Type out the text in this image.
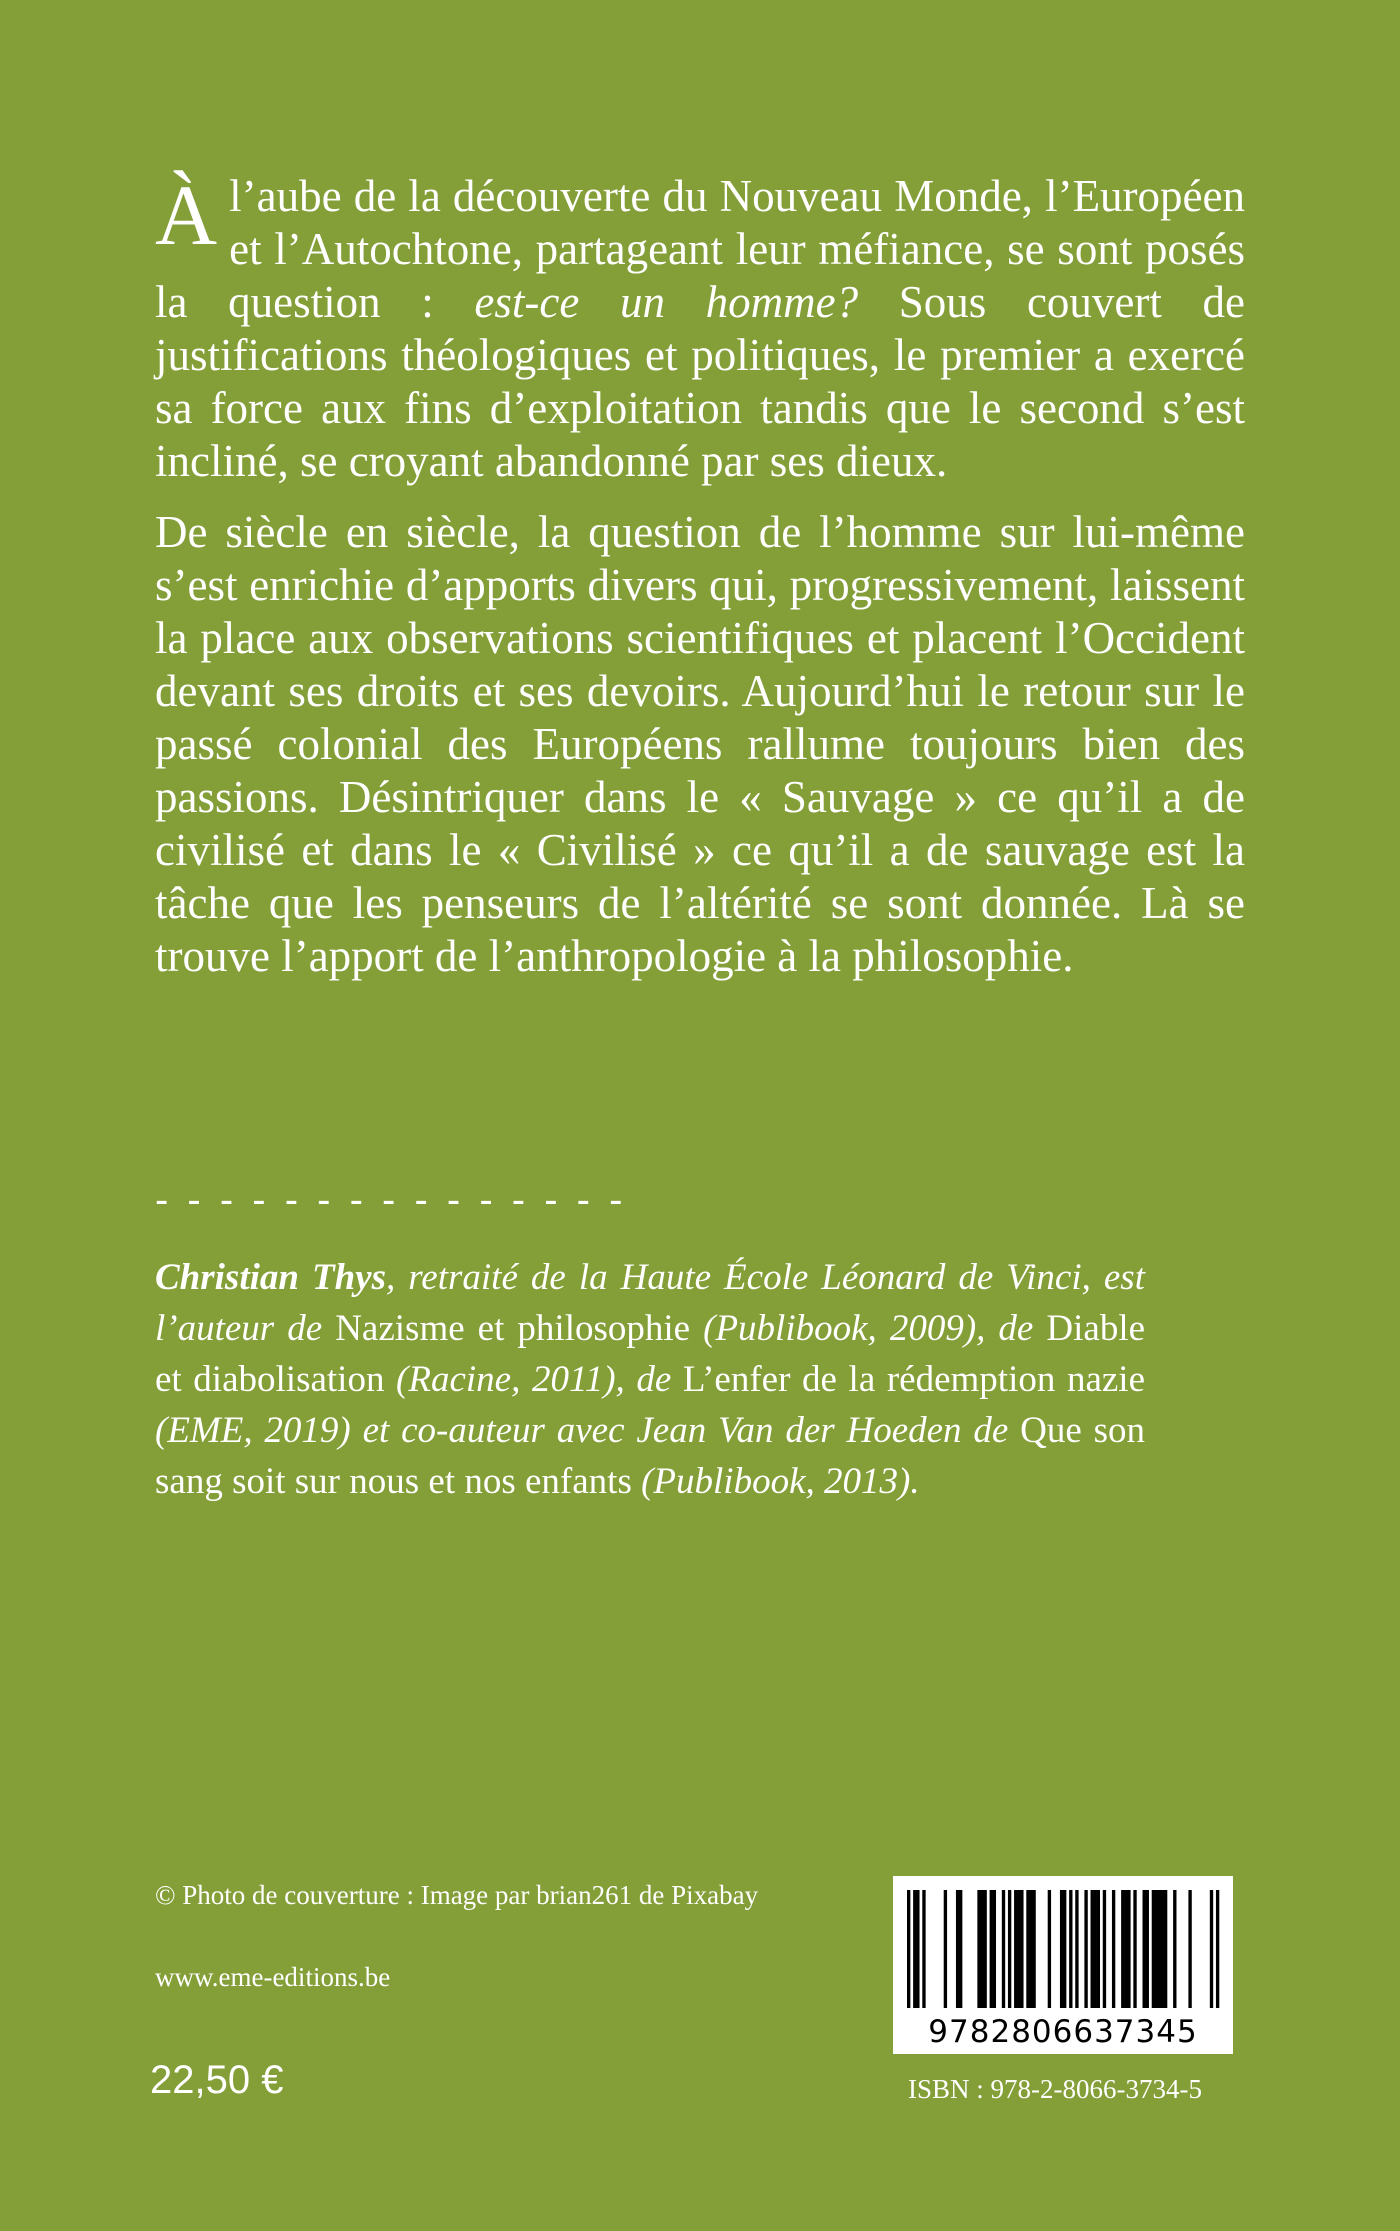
À l’aube de la découverte du Nouveau Monde, l’Européen et l’Autochtone, partageant leur méfiance, se sont posés la question : est-ce un homme? Sous couvert de justifications théologiques et politiques, le premier a exercé sa force aux fins d’exploitation tandis que le second s’est incliné, se croyant abandonné par ses dieux.

De siècle en siècle, la question de l’homme sur lui-même s’est enrichie d’apports divers qui, progressivement, laissent la place aux observations scientifiques et placent l’Occident devant ses droits et ses devoirs. Aujourd’hui le retour sur le passé colonial des Européens rallume toujours bien des passions. Désintriquer dans le « Sauvage » ce qu’il a de civilisé et dans le « Civilisé » ce qu’il a de sauvage est la tâche que les penseurs de l’altérité se sont donnée. Là se trouve l’apport de l’anthropologie à la philosophie.

- - - - - - - - - - - - - - -

Christian Thys, retraité de la Haute École Léonard de Vinci, est l’auteur de Nazisme et philosophie (Publibook, 2009), de Diable et diabolisation (Racine, 2011), de L’enfer de la rédemption nazie (EME, 2019) et co-auteur avec Jean Van der Hoeden de Que son sang soit sur nous et nos enfants (Publibook, 2013).

© Photo de couverture : Image par brian261 de Pixabay
www.eme-editions.be
22,50 €
9782806637345
ISBN : 978-2-8066-3734-5
